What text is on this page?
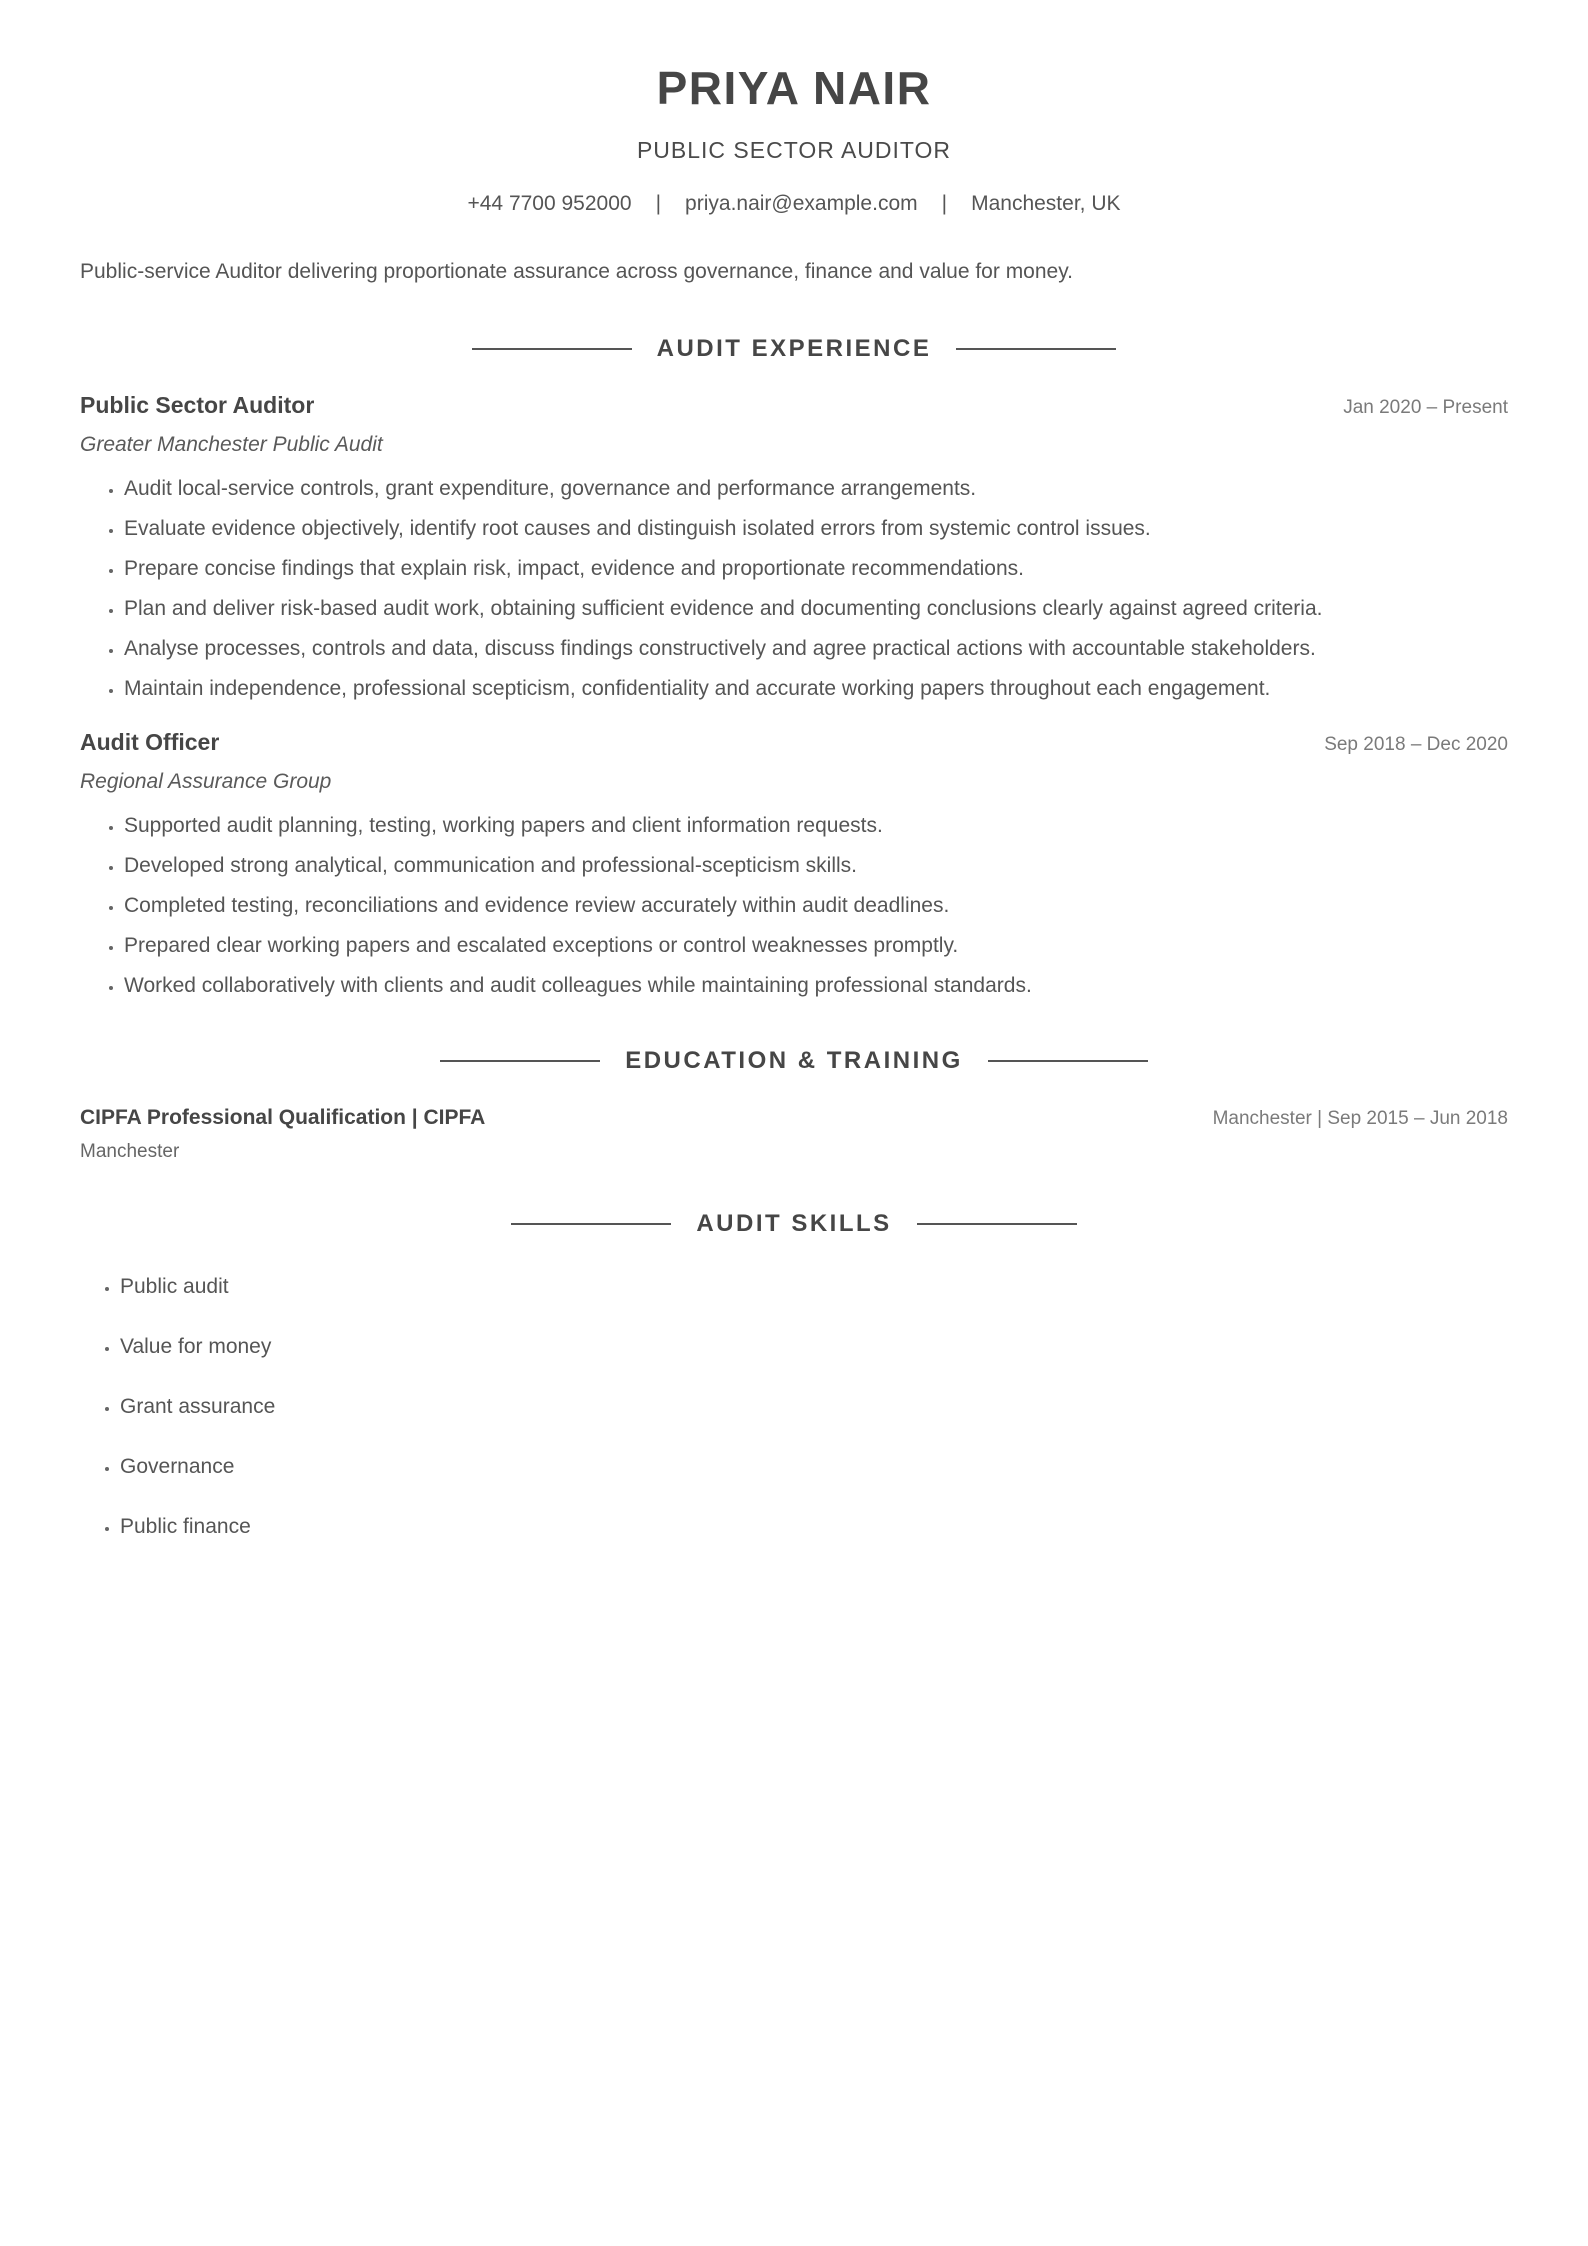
PRIYA NAIR
PUBLIC SECTOR AUDITOR
+44 7700 952000 | priya.nair@example.com | Manchester, UK
Public-service Auditor delivering proportionate assurance across governance, finance and value for money.
AUDIT EXPERIENCE
Public Sector Auditor	Jan 2020 – Present
Greater Manchester Public Audit
• Audit local-service controls, grant expenditure, governance and performance arrangements.
• Evaluate evidence objectively, identify root causes and distinguish isolated errors from systemic control issues.
• Prepare concise findings that explain risk, impact, evidence and proportionate recommendations.
• Plan and deliver risk-based audit work, obtaining sufficient evidence and documenting conclusions clearly against agreed criteria.
• Analyse processes, controls and data, discuss findings constructively and agree practical actions with accountable stakeholders.
• Maintain independence, professional scepticism, confidentiality and accurate working papers throughout each engagement.
Audit Officer	Sep 2018 – Dec 2020
Regional Assurance Group
• Supported audit planning, testing, working papers and client information requests.
• Developed strong analytical, communication and professional-scepticism skills.
• Completed testing, reconciliations and evidence review accurately within audit deadlines.
• Prepared clear working papers and escalated exceptions or control weaknesses promptly.
• Worked collaboratively with clients and audit colleagues while maintaining professional standards.
EDUCATION & TRAINING
CIPFA Professional Qualification | CIPFA	Manchester | Sep 2015 – Jun 2018
Manchester
AUDIT SKILLS
• Public audit
• Value for money
• Grant assurance
• Governance
• Public finance
